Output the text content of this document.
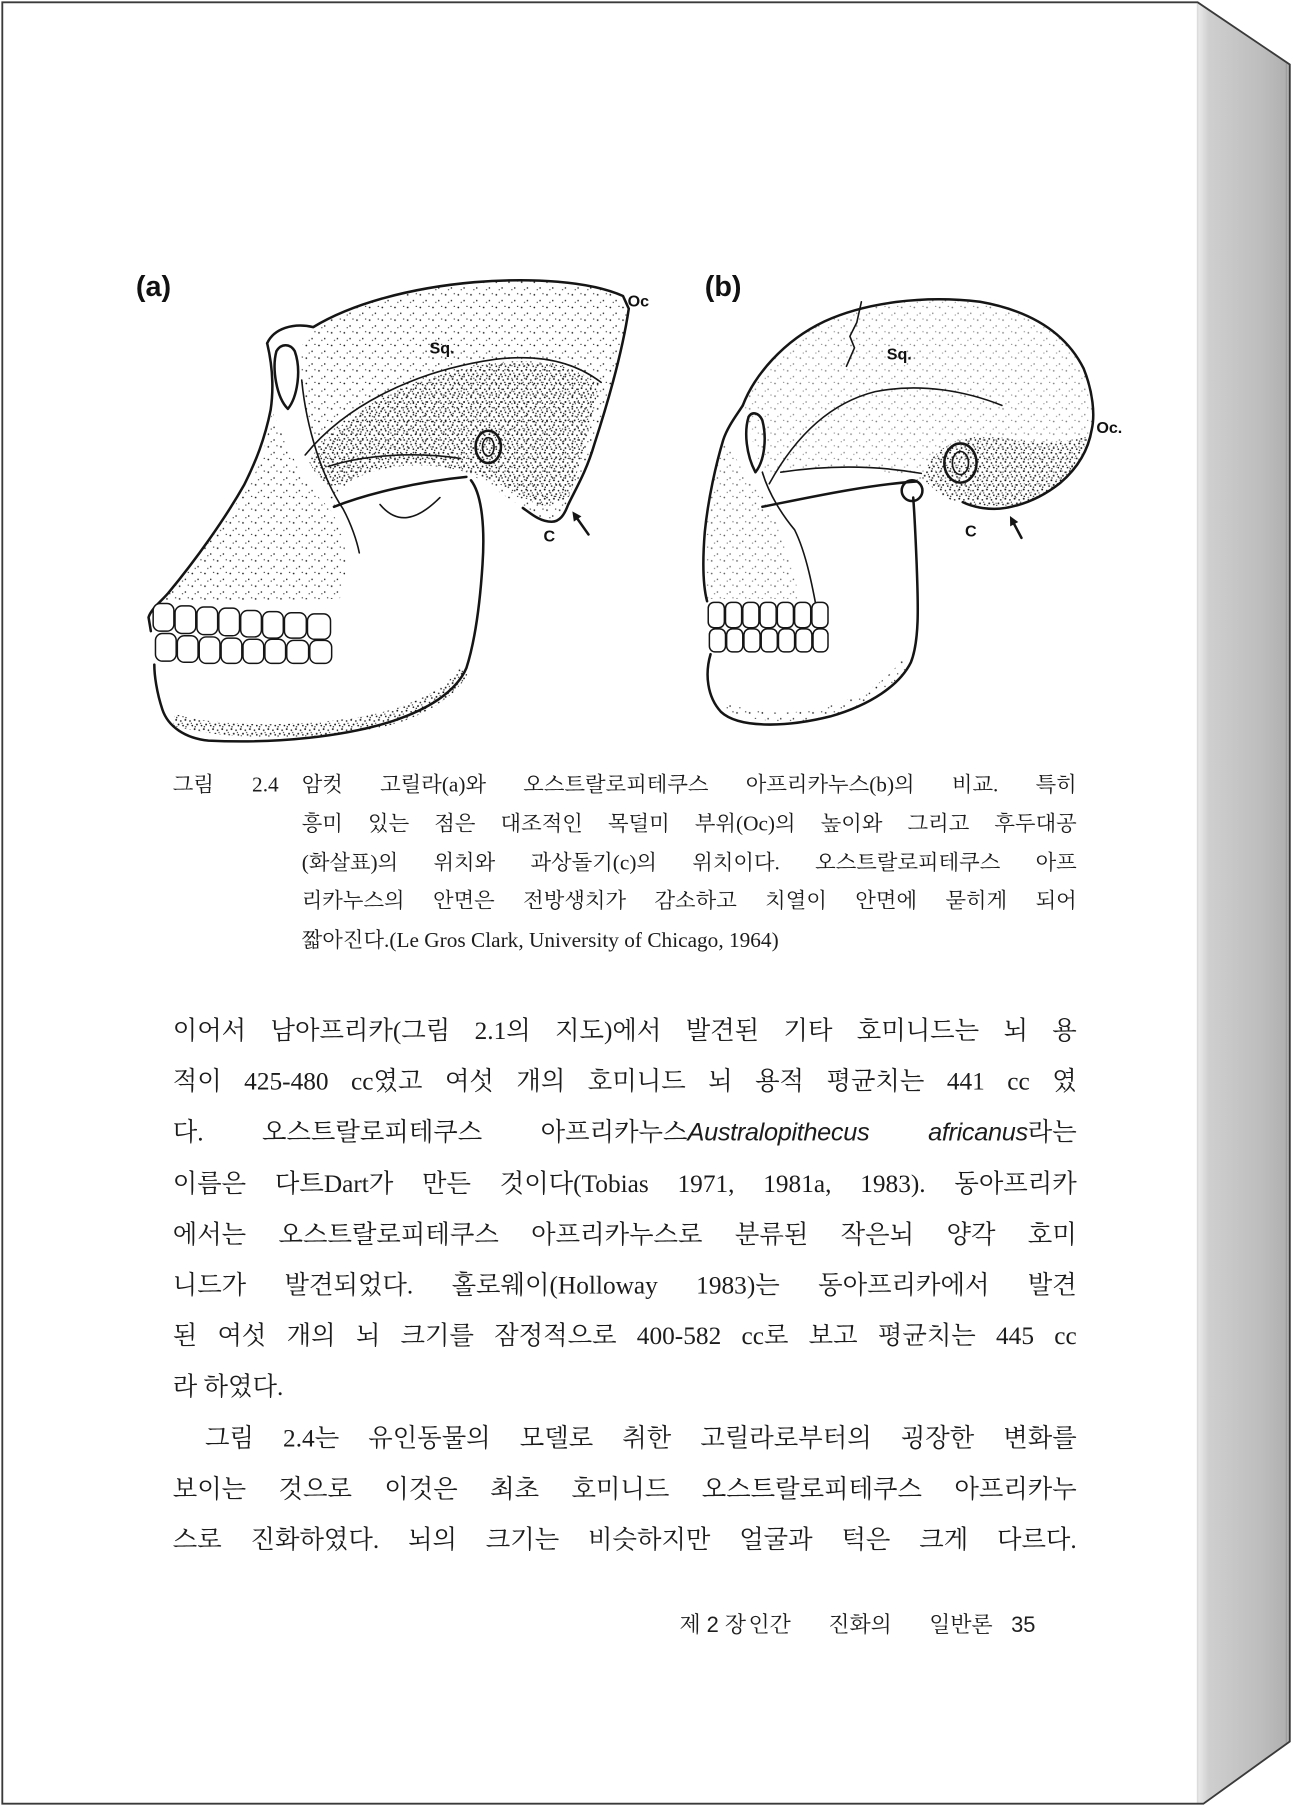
(a)	Oc
Sq.
C
(b)
Oc.
Sq.
C
그림 2.4 암컷 고릴라(a)와 오스트랄로피테쿠스 아프리카누스(b)의 비교. 특히
흥미 있는 점은 대조적인 목덜미 부위(Oc)의 높이와 그리고 후두대공
(화살표)의 위치와 과상돌기(c)의 위치이다. 오스트랄로피테쿠스 아프
리카누스의 안면은 전방생치가 감소하고 치열이 안면에 묻히게 되어
짧아진다.(Le Gros Clark, University of Chicago, 1964)
이어서 남아프리카(그림 2.1의 지도)에서 발견된 기타 호미니드는 뇌 용
적이 425-480 cc였고 여섯 개의 호미니드 뇌 용적 평균치는 441 cc 였
다. 오스트랄로피테쿠스 아프리카누스Australopithecus africanus라는
이름은 다트Dart가 만든 것이다(Tobias 1971, 1981a, 1983). 동아프리카
에서는 오스트랄로피테쿠스 아프리카누스로 분류된 작은뇌 양각 호미
니드가 발견되었다. 홀로웨이(Holloway 1983)는 동아프리카에서 발견
된 여섯 개의 뇌 크기를 잠정적으로 400-582 cc로 보고 평균치는 445 cc
라 하였다.
그림 2.4는 유인동물의 모델로 취한 고릴라로부터의 굉장한 변화를
보이는 것으로 이것은 최초 호미니드 오스트랄로피테쿠스 아프리카누
스로 진화하였다. 뇌의 크기는 비슷하지만 얼굴과 턱은 크게 다르다.
제 2 장 인간 진화의 일반론 35
